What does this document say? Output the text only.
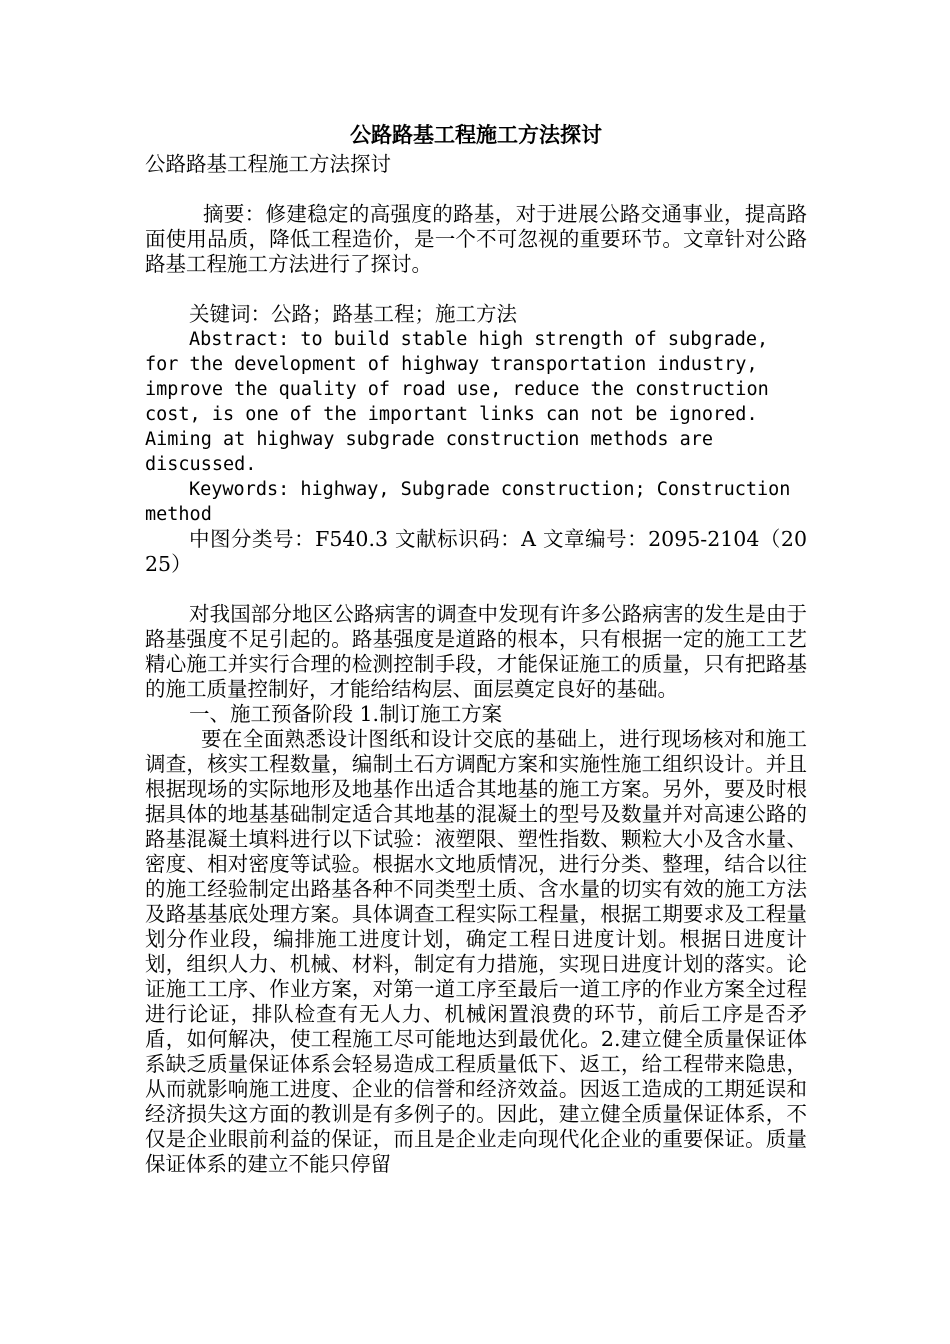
公路路基工程施工方法探讨

公路路基工程施工方法探讨

摘要：修建稳定的高强度的路基，对于进展公路交通事业，提高路面使用品质，降低工程造价，是一个不可忽视的重要环节。文章针对公路路基工程施工方法进行了探讨。

关键词：公路；路基工程；施工方法

Abstract: to build stable high strength of subgrade, for the development of highway transportation industry, improve the quality of road use, reduce the construction cost, is one of the important links can not be ignored. Aiming at highway subgrade construction methods are discussed.

Keywords: highway, Subgrade construction; Construction method

中图分类号：F540.3 文献标识码：A 文章编号：2095-2104（2025）

对我国部分地区公路病害的调查中发现有许多公路病害的发生是由于路基强度不足引起的。路基强度是道路的根本，只有根据一定的施工工艺精心施工并实行合理的检测控制手段，才能保证施工的质量，只有把路基的施工质量控制好，才能给结构层、面层奠定良好的基础。

一、施工预备阶段 1.制订施工方案

要在全面熟悉设计图纸和设计交底的基础上，进行现场核对和施工调查，核实工程数量，编制土石方调配方案和实施性施工组织设计。并且根据现场的实际地形及地基作出适合其地基的施工方案。另外，要及时根据具体的地基基础制定适合其地基的混凝土的型号及数量并对高速公路的路基混凝土填料进行以下试验：液塑限、塑性指数、颗粒大小及含水量、密度、相对密度等试验。根据水文地质情况，进行分类、整理，结合以往的施工经验制定出路基各种不同类型土质、含水量的切实有效的施工方法及路基基底处理方案。具体调查工程实际工程量，根据工期要求及工程量划分作业段，编排施工进度计划，确定工程日进度计划。根据日进度计划，组织人力、机械、材料，制定有力措施，实现日进度计划的落实。论证施工工序、作业方案，对第一道工序至最后一道工序的作业方案全过程进行论证，排队检查有无人力、机械闲置浪费的环节，前后工序是否矛盾，如何解决，使工程施工尽可能地达到最优化。2.建立健全质量保证体系缺乏质量保证体系会轻易造成工程质量低下、返工，给工程带来隐患，从而就影响施工进度、企业的信誉和经济效益。因返工造成的工期延误和经济损失这方面的教训是有多例子的。因此，建立健全质量保证体系，不仅是企业眼前利益的保证，而且是企业走向现代化企业的重要保证。质量保证体系的建立不能只停留
